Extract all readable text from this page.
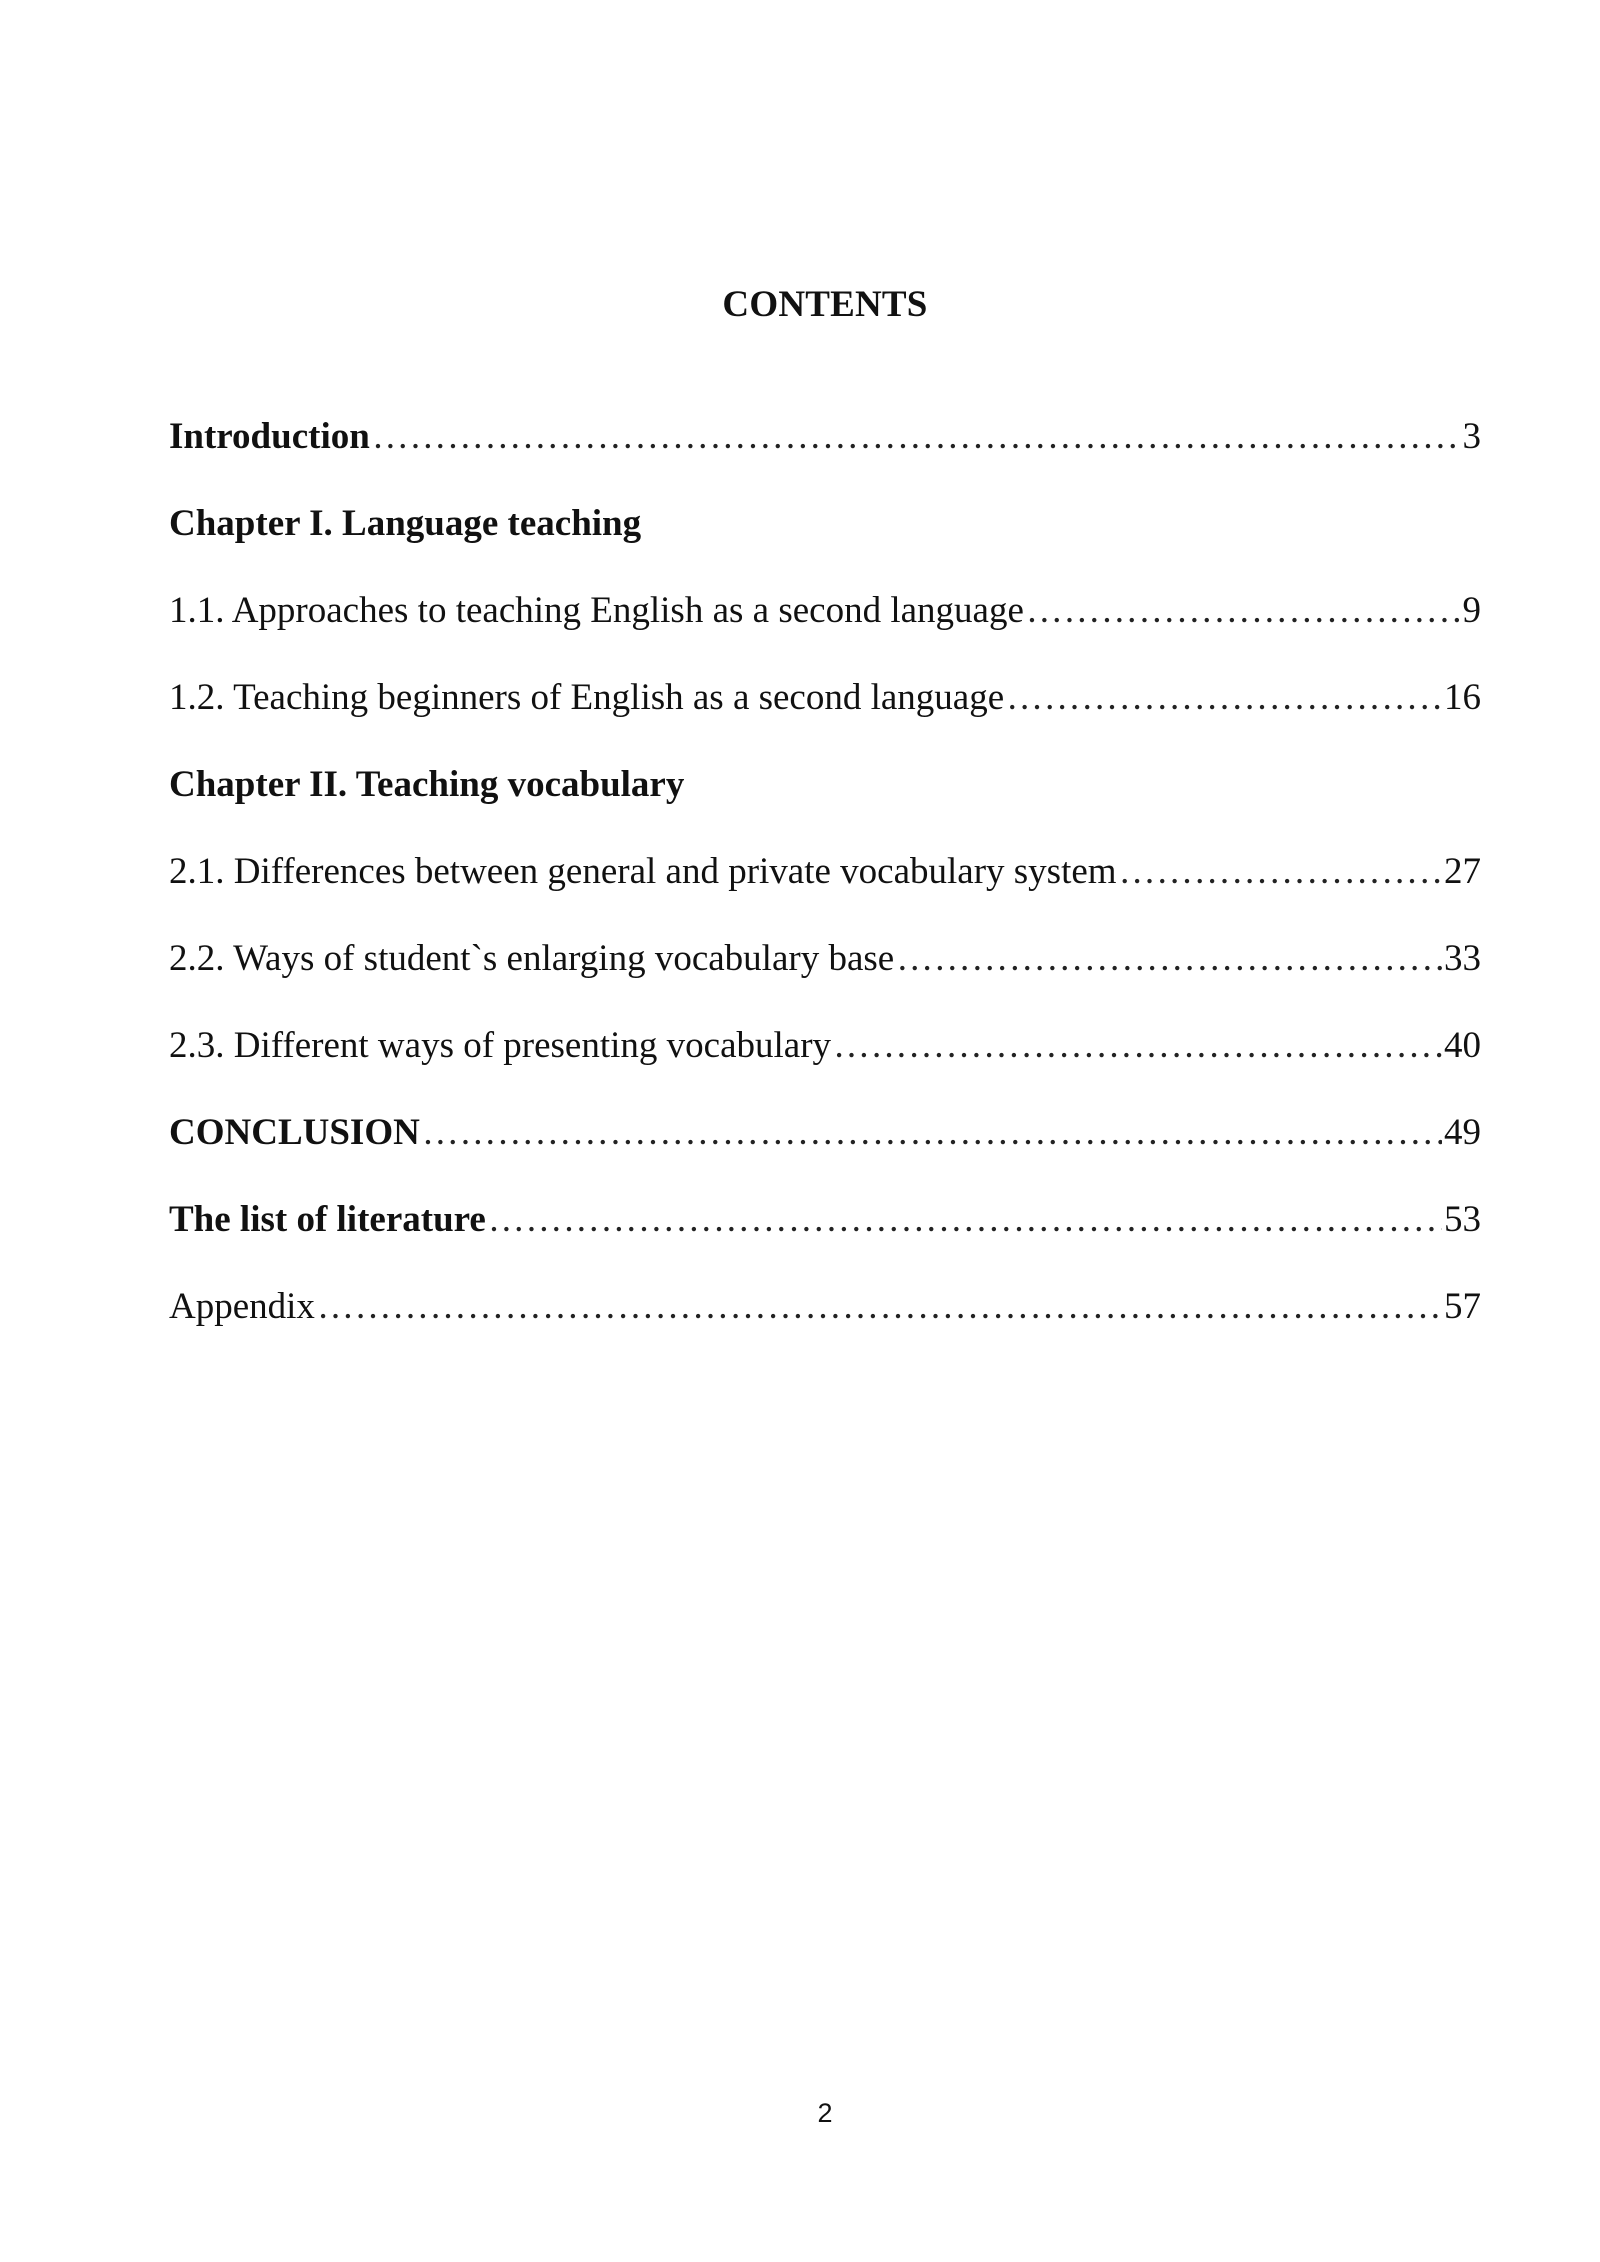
CONTENTS
Introduction ……………………………………………………………………………………………………………………………………………………………………………………………………	3
Chapter I. Language teaching
1.1. Approaches to teaching English as a second language ……………………………………………………………………………………………………………………………………………………………………………………………………	9
1.2. Teaching beginners of English as a second language ……………………………………………………………………………………………………………………………………………………………………………………………………	16
Chapter II. Teaching vocabulary
2.1. Differences between general and private vocabulary system ……………………………………………………………………………………………………………………………………………………………………………………………………	27
2.2. Ways of student`s enlarging vocabulary base ……………………………………………………………………………………………………………………………………………………………………………………………………	33
2.3. Different ways of presenting vocabulary ……………………………………………………………………………………………………………………………………………………………………………………………………	40
CONCLUSION ……………………………………………………………………………………………………………………………………………………………………………………………………	49
The list of literature ……………………………………………………………………………………………………………………………………………………………………………………………………	53
Appendix ……………………………………………………………………………………………………………………………………………………………………………………………………	57
2
